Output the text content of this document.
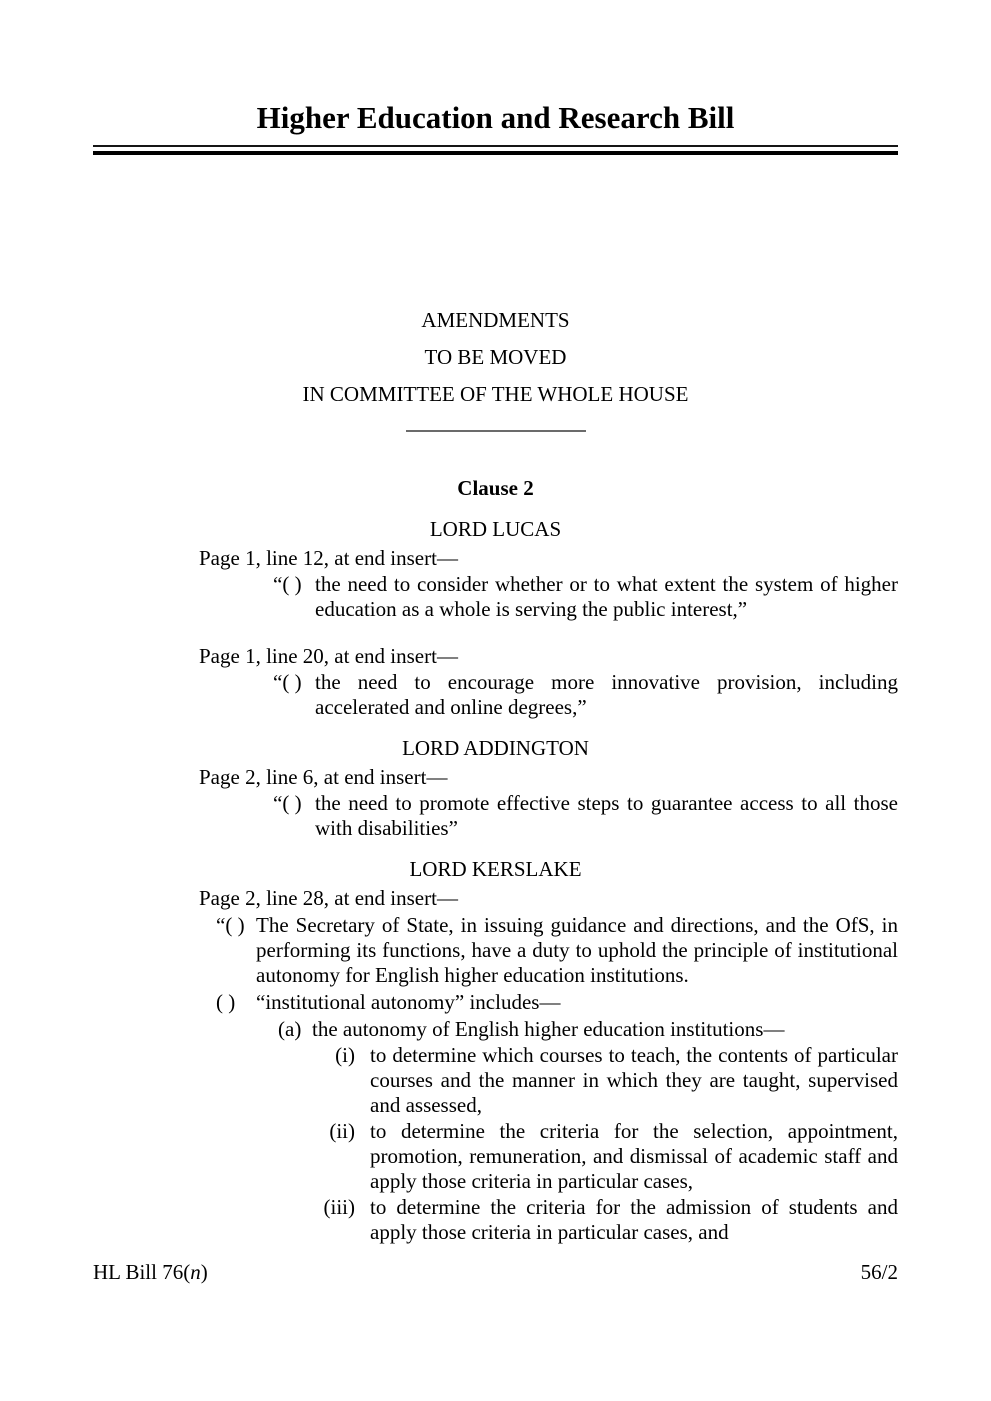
Higher Education and Research Bill
AMENDMENTS
TO BE MOVED
IN COMMITTEE OF THE WHOLE HOUSE
Clause 2
LORD LUCAS
Page 1, line 12, at end insert—
“( ) the need to consider whether or to what extent the system of higher education as a whole is serving the public interest,”
Page 1, line 20, at end insert—
“( ) the need to encourage more innovative provision, including accelerated and online degrees,”
LORD ADDINGTON
Page 2, line 6, at end insert—
“( ) the need to promote effective steps to guarantee access to all those with disabilities”
LORD KERSLAKE
Page 2, line 28, at end insert—
“( ) The Secretary of State, in issuing guidance and directions, and the OfS, in performing its functions, have a duty to uphold the principle of institutional autonomy for English higher education institutions.
( ) “institutional autonomy” includes—
(a) the autonomy of English higher education institutions—
(i) to determine which courses to teach, the contents of particular courses and the manner in which they are taught, supervised and assessed,
(ii) to determine the criteria for the selection, appointment, promotion, remuneration, and dismissal of academic staff and apply those criteria in particular cases,
(iii) to determine the criteria for the admission of students and apply those criteria in particular cases, and
HL Bill 76(n)	56/2
